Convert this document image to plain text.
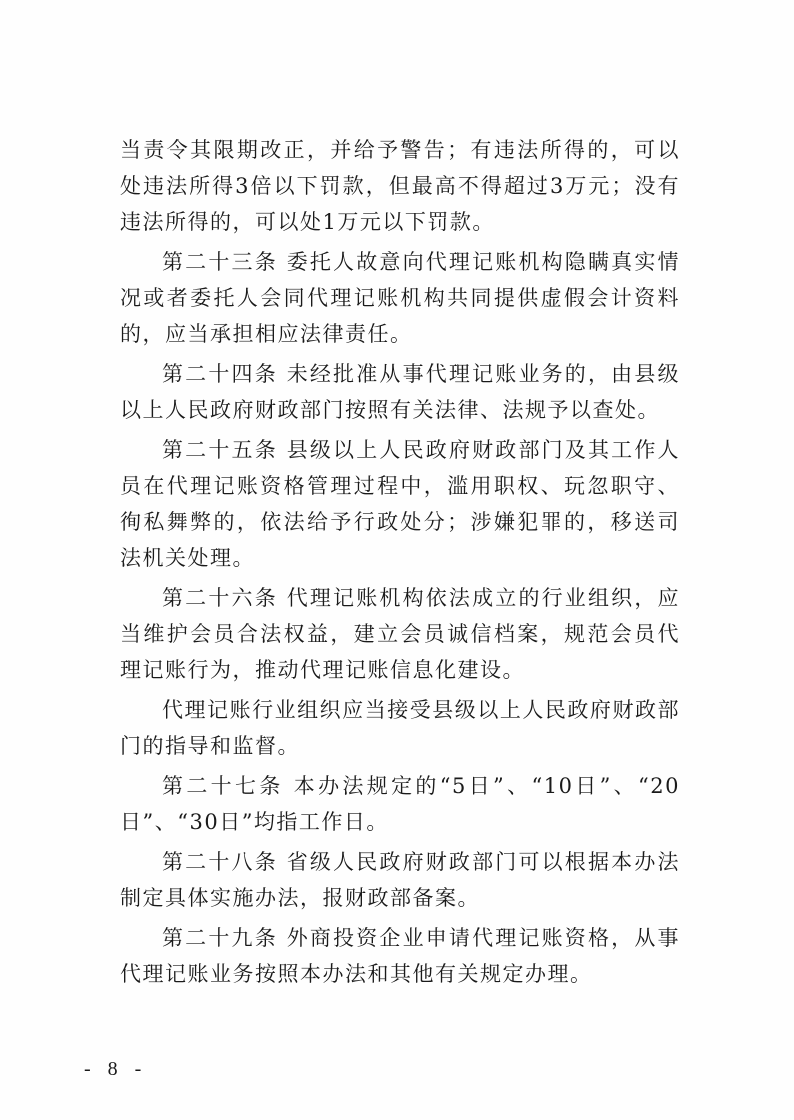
当责令其限期改正，并给予警告；有违法所得的，可以处违法所得3倍以下罚款，但最高不得超过3万元；没有违法所得的，可以处1万元以下罚款。

第二十三条 委托人故意向代理记账机构隐瞒真实情况或者委托人会同代理记账机构共同提供虚假会计资料的，应当承担相应法律责任。

第二十四条 未经批准从事代理记账业务的，由县级以上人民政府财政部门按照有关法律、法规予以查处。

第二十五条 县级以上人民政府财政部门及其工作人员在代理记账资格管理过程中，滥用职权、玩忽职守、徇私舞弊的，依法给予行政处分；涉嫌犯罪的，移送司法机关处理。

第二十六条 代理记账机构依法成立的行业组织，应当维护会员合法权益，建立会员诚信档案，规范会员代理记账行为，推动代理记账信息化建设。

代理记账行业组织应当接受县级以上人民政府财政部门的指导和监督。

第二十七条 本办法规定的“5日”、“10日”、“20日”、“30日”均指工作日。

第二十八条 省级人民政府财政部门可以根据本办法制定具体实施办法，报财政部备案。

第二十九条 外商投资企业申请代理记账资格，从事代理记账业务按照本办法和其他有关规定办理。

- 8 -
